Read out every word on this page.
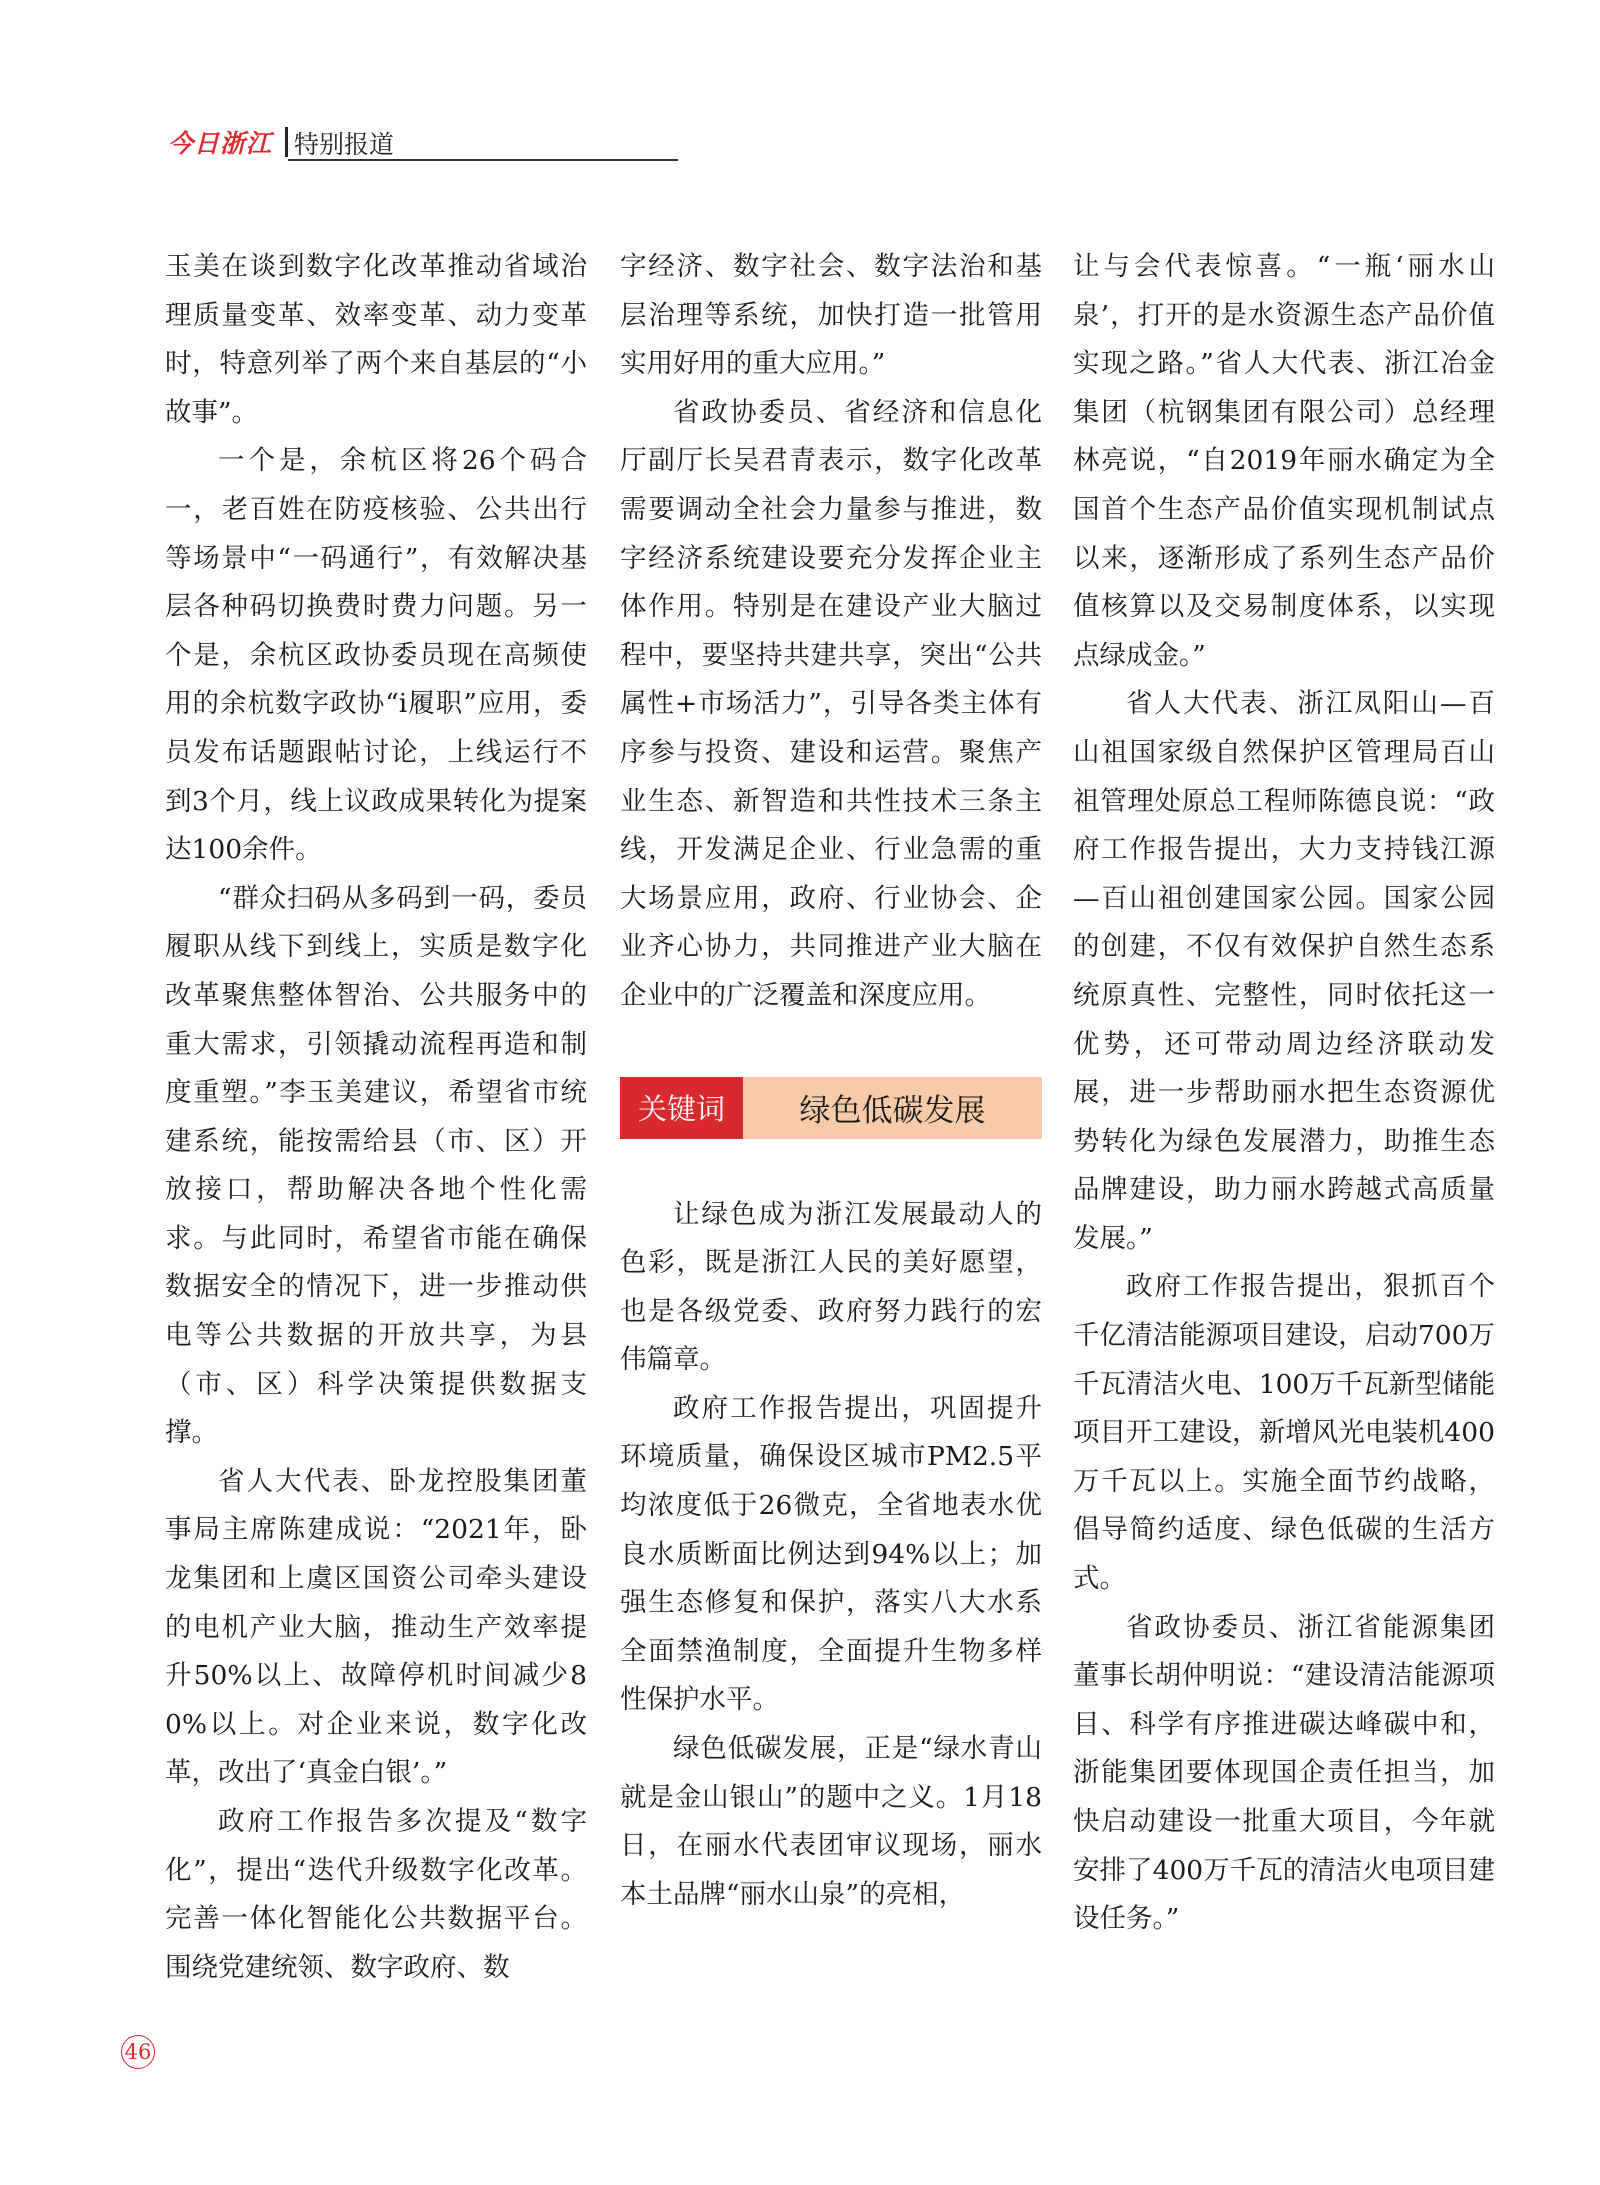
今日浙江 特别报道

玉美在谈到数字化改革推动省域治理质量变革、效率变革、动力变革时，特意列举了两个来自基层的“小故事”。

一个是，余杭区将26个码合一，老百姓在防疫核验、公共出行等场景中“一码通行”，有效解决基层各种码切换费时费力问题。另一个是，余杭区政协委员现在高频使用的余杭数字政协“i履职”应用，委员发布话题跟帖讨论，上线运行不到3个月，线上议政成果转化为提案达100余件。

“群众扫码从多码到一码，委员履职从线下到线上，实质是数字化改革聚焦整体智治、公共服务中的重大需求，引领撬动流程再造和制度重塑。”李玉美建议，希望省市统建系统，能按需给县（市、区）开放接口，帮助解决各地个性化需求。与此同时，希望省市能在确保数据安全的情况下，进一步推动供电等公共数据的开放共享，为县（市、区）科学决策提供数据支撑。

省人大代表、卧龙控股集团董事局主席陈建成说：“2021年，卧龙集团和上虞区国资公司牵头建设的电机产业大脑，推动生产效率提升50%以上、故障停机时间减少80%以上。对企业来说，数字化改革，改出了‘真金白银’。”

政府工作报告多次提及“数字化”，提出“迭代升级数字化改革。完善一体化智能化公共数据平台。围绕党建统领、数字政府、数

字经济、数字社会、数字法治和基层治理等系统，加快打造一批管用实用好用的重大应用。”

省政协委员、省经济和信息化厅副厅长吴君青表示，数字化改革需要调动全社会力量参与推进，数字经济系统建设要充分发挥企业主体作用。特别是在建设产业大脑过程中，要坚持共建共享，突出“公共属性+市场活力”，引导各类主体有序参与投资、建设和运营。聚焦产业生态、新智造和共性技术三条主线，开发满足企业、行业急需的重大场景应用，政府、行业协会、企业齐心协力，共同推进产业大脑在企业中的广泛覆盖和深度应用。

关键词	绿色低碳发展

让绿色成为浙江发展最动人的色彩，既是浙江人民的美好愿望，也是各级党委、政府努力践行的宏伟篇章。

政府工作报告提出，巩固提升环境质量，确保设区城市PM2.5平均浓度低于26微克，全省地表水优良水质断面比例达到94%以上；加强生态修复和保护，落实八大水系全面禁渔制度，全面提升生物多样性保护水平。

绿色低碳发展，正是“绿水青山就是金山银山”的题中之义。1月18日，在丽水代表团审议现场，丽水本土品牌“丽水山泉”的亮相，

让与会代表惊喜。“一瓶‘丽水山泉’，打开的是水资源生态产品价值实现之路。”省人大代表、浙江冶金集团（杭钢集团有限公司）总经理林亮说，“自2019年丽水确定为全国首个生态产品价值实现机制试点以来，逐渐形成了系列生态产品价值核算以及交易制度体系，以实现点绿成金。”

省人大代表、浙江凤阳山—百山祖国家级自然保护区管理局百山祖管理处原总工程师陈德良说：“政府工作报告提出，大力支持钱江源—百山祖创建国家公园。国家公园的创建，不仅有效保护自然生态系统原真性、完整性，同时依托这一优势，还可带动周边经济联动发展，进一步帮助丽水把生态资源优势转化为绿色发展潜力，助推生态品牌建设，助力丽水跨越式高质量发展。”

政府工作报告提出，狠抓百个千亿清洁能源项目建设，启动700万千瓦清洁火电、100万千瓦新型储能项目开工建设，新增风光电装机400万千瓦以上。实施全面节约战略，倡导简约适度、绿色低碳的生活方式。

省政协委员、浙江省能源集团董事长胡仲明说：“建设清洁能源项目、科学有序推进碳达峰碳中和，浙能集团要体现国企责任担当，加快启动建设一批重大项目，今年就安排了400万千瓦的清洁火电项目建设任务。”

46
